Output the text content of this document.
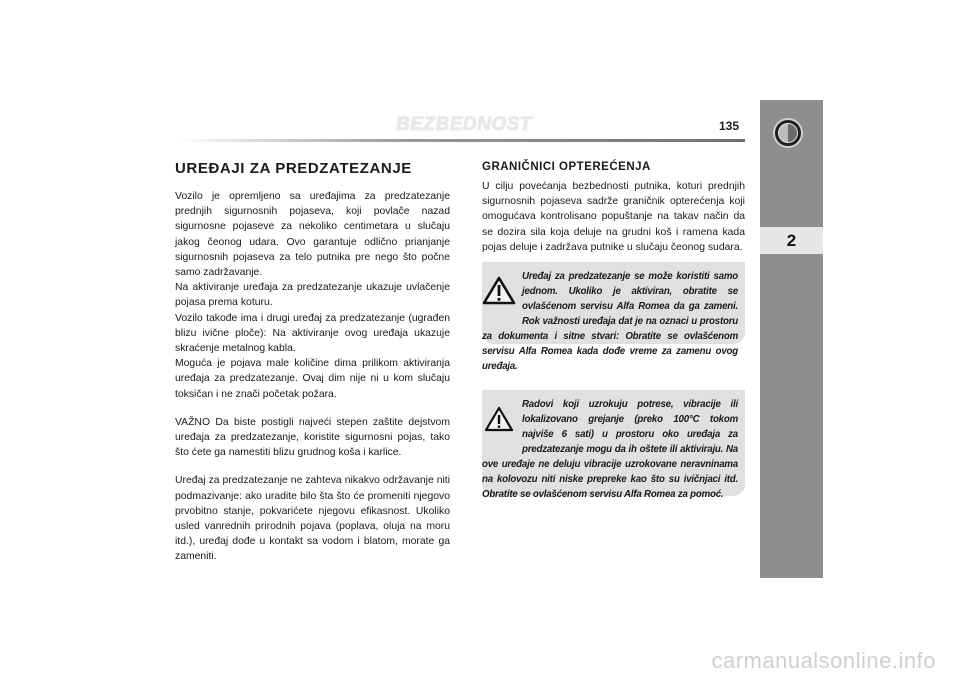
BEZBEDNOST	135
2
UREĐAJI ZA PREDZATEZANJE

Vozilo je opremljeno sa uređajima za predzatezanje prednjih sigurnosnih pojaseva, koji povlače nazad sigurnosne pojaseve za nekoliko centimetara u slučaju jakog čeonog udara. Ovo garantuje odlično prianjanje sigurnosnih pojaseva za telo putnika pre nego što počne samo zadržavanje.

Na aktiviranje uređaja za predzatezanje ukazuje uvlačenje pojasa prema koturu.

Vozilo takođe ima i drugi uređaj za predzatezanje (ugrađen blizu ivične ploče): Na aktiviranje ovog uređaja ukazuje skraćenje metalnog kabla.

Moguća je pojava male količine dima prilikom aktiviranja uređaja za predzatezanje. Ovaj dim nije ni u kom slučaju toksičan i ne znači početak požara.

VAŽNO Da biste postigli najveći stepen zaštite dejstvom uređaja za predzatezanje, koristite sigurnosni pojas, tako što ćete ga namestiti blizu grudnog koša i karlice.

Uređaj za predzatezanje ne zahteva nikakvo održavanje niti podmazivanje: ako uradite bilo šta što će promeniti njegovo prvobitno stanje, pokvarićete njegovu efikasnost. Ukoliko usled vanrednih prirodnih pojava (poplava, oluja na moru itd.), uređaj dođe u kontakt sa vodom i blatom, morate ga zameniti.

GRANIČNICI OPTEREĆENJA
U cilju povećanja bezbednosti putnika, koturi prednjih sigurnosnih pojaseva sadrže graničnik opterećenja koji omogućava kontrolisano popuštanje na takav način da se dozira sila koja deluje na grudni koš i ramena kada pojas deluje i zadržava putnike u slučaju čeonog sudara.
Uređaj za predzatezanje se može koristiti samo jednom. Ukoliko je aktiviran, obratite se ovlašćenom servisu Alfa Romea da ga zameni. Rok važnosti uređaja dat je na oznaci u prostoru za dokumenta i sitne stvari: Obratite se ovlašćenom servisu Alfa Romea kada dođe vreme za zamenu ovog uređaja.
Radovi koji uzrokuju potrese, vibracije ili lokalizovano grejanje (preko 100°C tokom najviše 6 sati) u prostoru oko uređaja za predzatezanje mogu da ih oštete ili aktiviraju. Na ove uređaje ne deluju vibracije uzrokovane neravninama na kolovozu niti niske prepreke kao što su ivičnjaci itd. Obratite se ovlašćenom servisu Alfa Romea za pomoć.
carmanualsonline.info
